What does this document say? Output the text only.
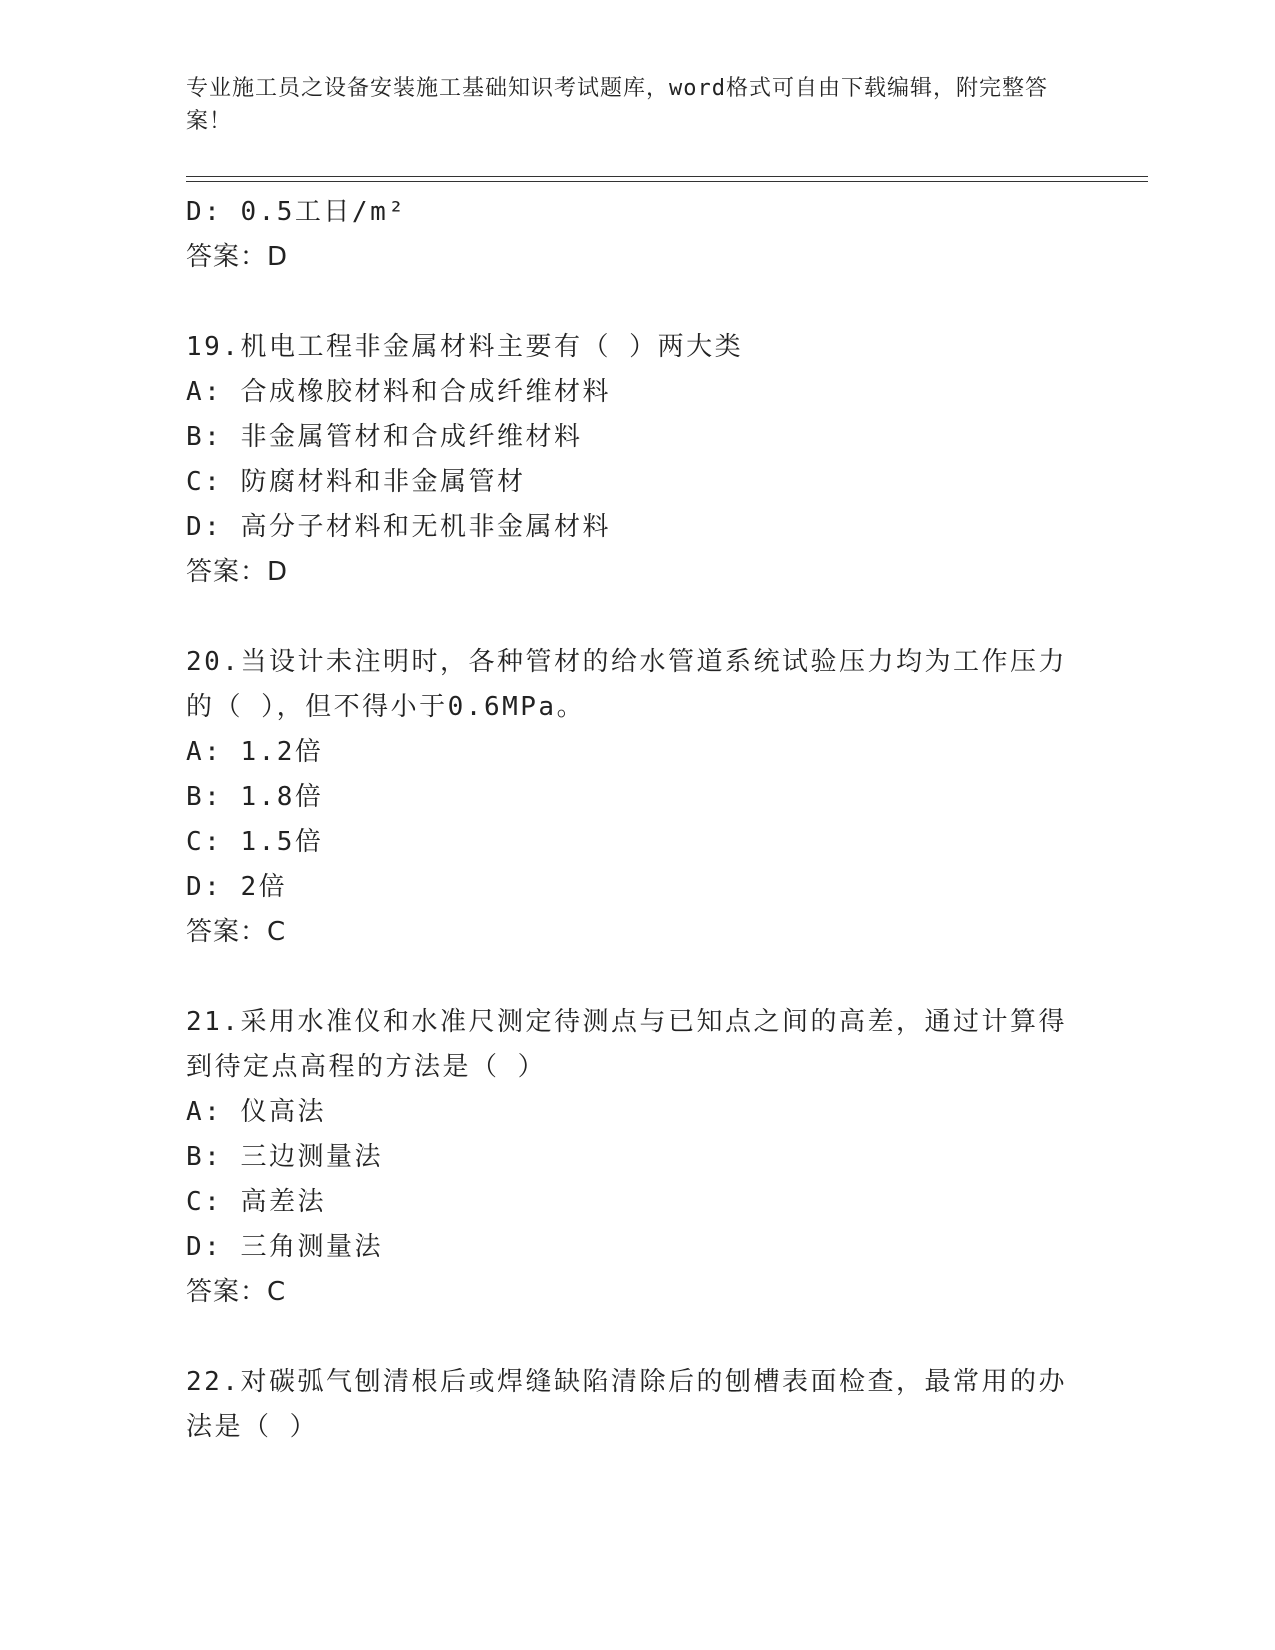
专业施工员之设备安装施工基础知识考试题库，word格式可自由下载编辑，附完整答案！
D: 0.5工日/m²
答案：D
19.机电工程非金属材料主要有（ ）两大类
A: 合成橡胶材料和合成纤维材料
B: 非金属管材和合成纤维材料
C: 防腐材料和非金属管材
D: 高分子材料和无机非金属材料
答案：D
20.当设计未注明时，各种管材的给水管道系统试验压力均为工作压力
的（ ），但不得小于0.6MPa。
A: 1.2倍
B: 1.8倍
C: 1.5倍
D: 2倍
答案：C
21.采用水准仪和水准尺测定待测点与已知点之间的高差，通过计算得
到待定点高程的方法是（ ）
A: 仪高法
B: 三边测量法
C: 高差法
D: 三角测量法
答案：C
22.对碳弧气刨清根后或焊缝缺陷清除后的刨槽表面检查，最常用的办
法是（ ）
